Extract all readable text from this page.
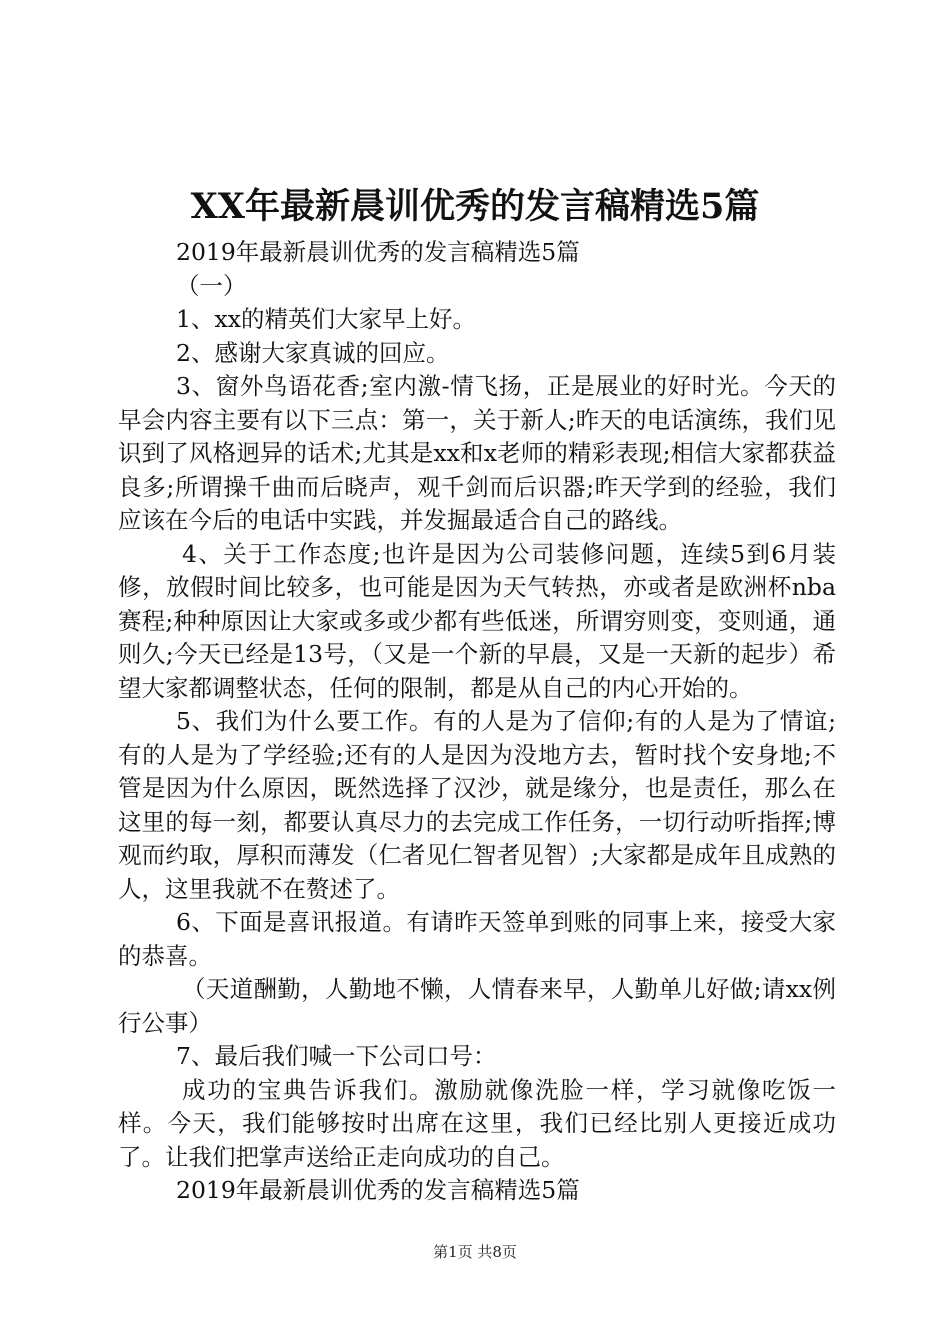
XX年最新晨训优秀的发言稿精选5篇

2019年最新晨训优秀的发言稿精选5篇

（一）

1、xx的精英们大家早上好。

2、感谢大家真诚的回应。

3、窗外鸟语花香;室内激-情飞扬，正是展业的好时光。今天的早会内容主要有以下三点：第一，关于新人;昨天的电话演练，我们见识到了风格迥异的话术;尤其是xx和x老师的精彩表现;相信大家都获益良多;所谓操千曲而后晓声，观千剑而后识器;昨天学到的经验，我们应该在今后的电话中实践，并发掘最适合自己的路线。

4、关于工作态度;也许是因为公司装修问题，连续5到6月装修，放假时间比较多，也可能是因为天气转热，亦或者是欧洲杯nba赛程;种种原因让大家或多或少都有些低迷，所谓穷则变，变则通，通则久;今天已经是13号，（又是一个新的早晨，又是一天新的起步）希望大家都调整状态，任何的限制，都是从自己的内心开始的。

5、我们为什么要工作。有的人是为了信仰;有的人是为了情谊;有的人是为了学经验;还有的人是因为没地方去，暂时找个安身地;不管是因为什么原因，既然选择了汉沙，就是缘分，也是责任，那么在这里的每一刻，都要认真尽力的去完成工作任务，一切行动听指挥;博观而约取，厚积而薄发（仁者见仁智者见智）;大家都是成年且成熟的人，这里我就不在赘述了。

6、下面是喜讯报道。有请昨天签单到账的同事上来，接受大家的恭喜。

（天道酬勤，人勤地不懒，人情春来早，人勤单儿好做;请xx例行公事）

7、最后我们喊一下公司口号：

成功的宝典告诉我们。激励就像洗脸一样，学习就像吃饭一样。今天，我们能够按时出席在这里，我们已经比别人更接近成功了。让我们把掌声送给正走向成功的自己。

2019年最新晨训优秀的发言稿精选5篇

第1页 共8页
